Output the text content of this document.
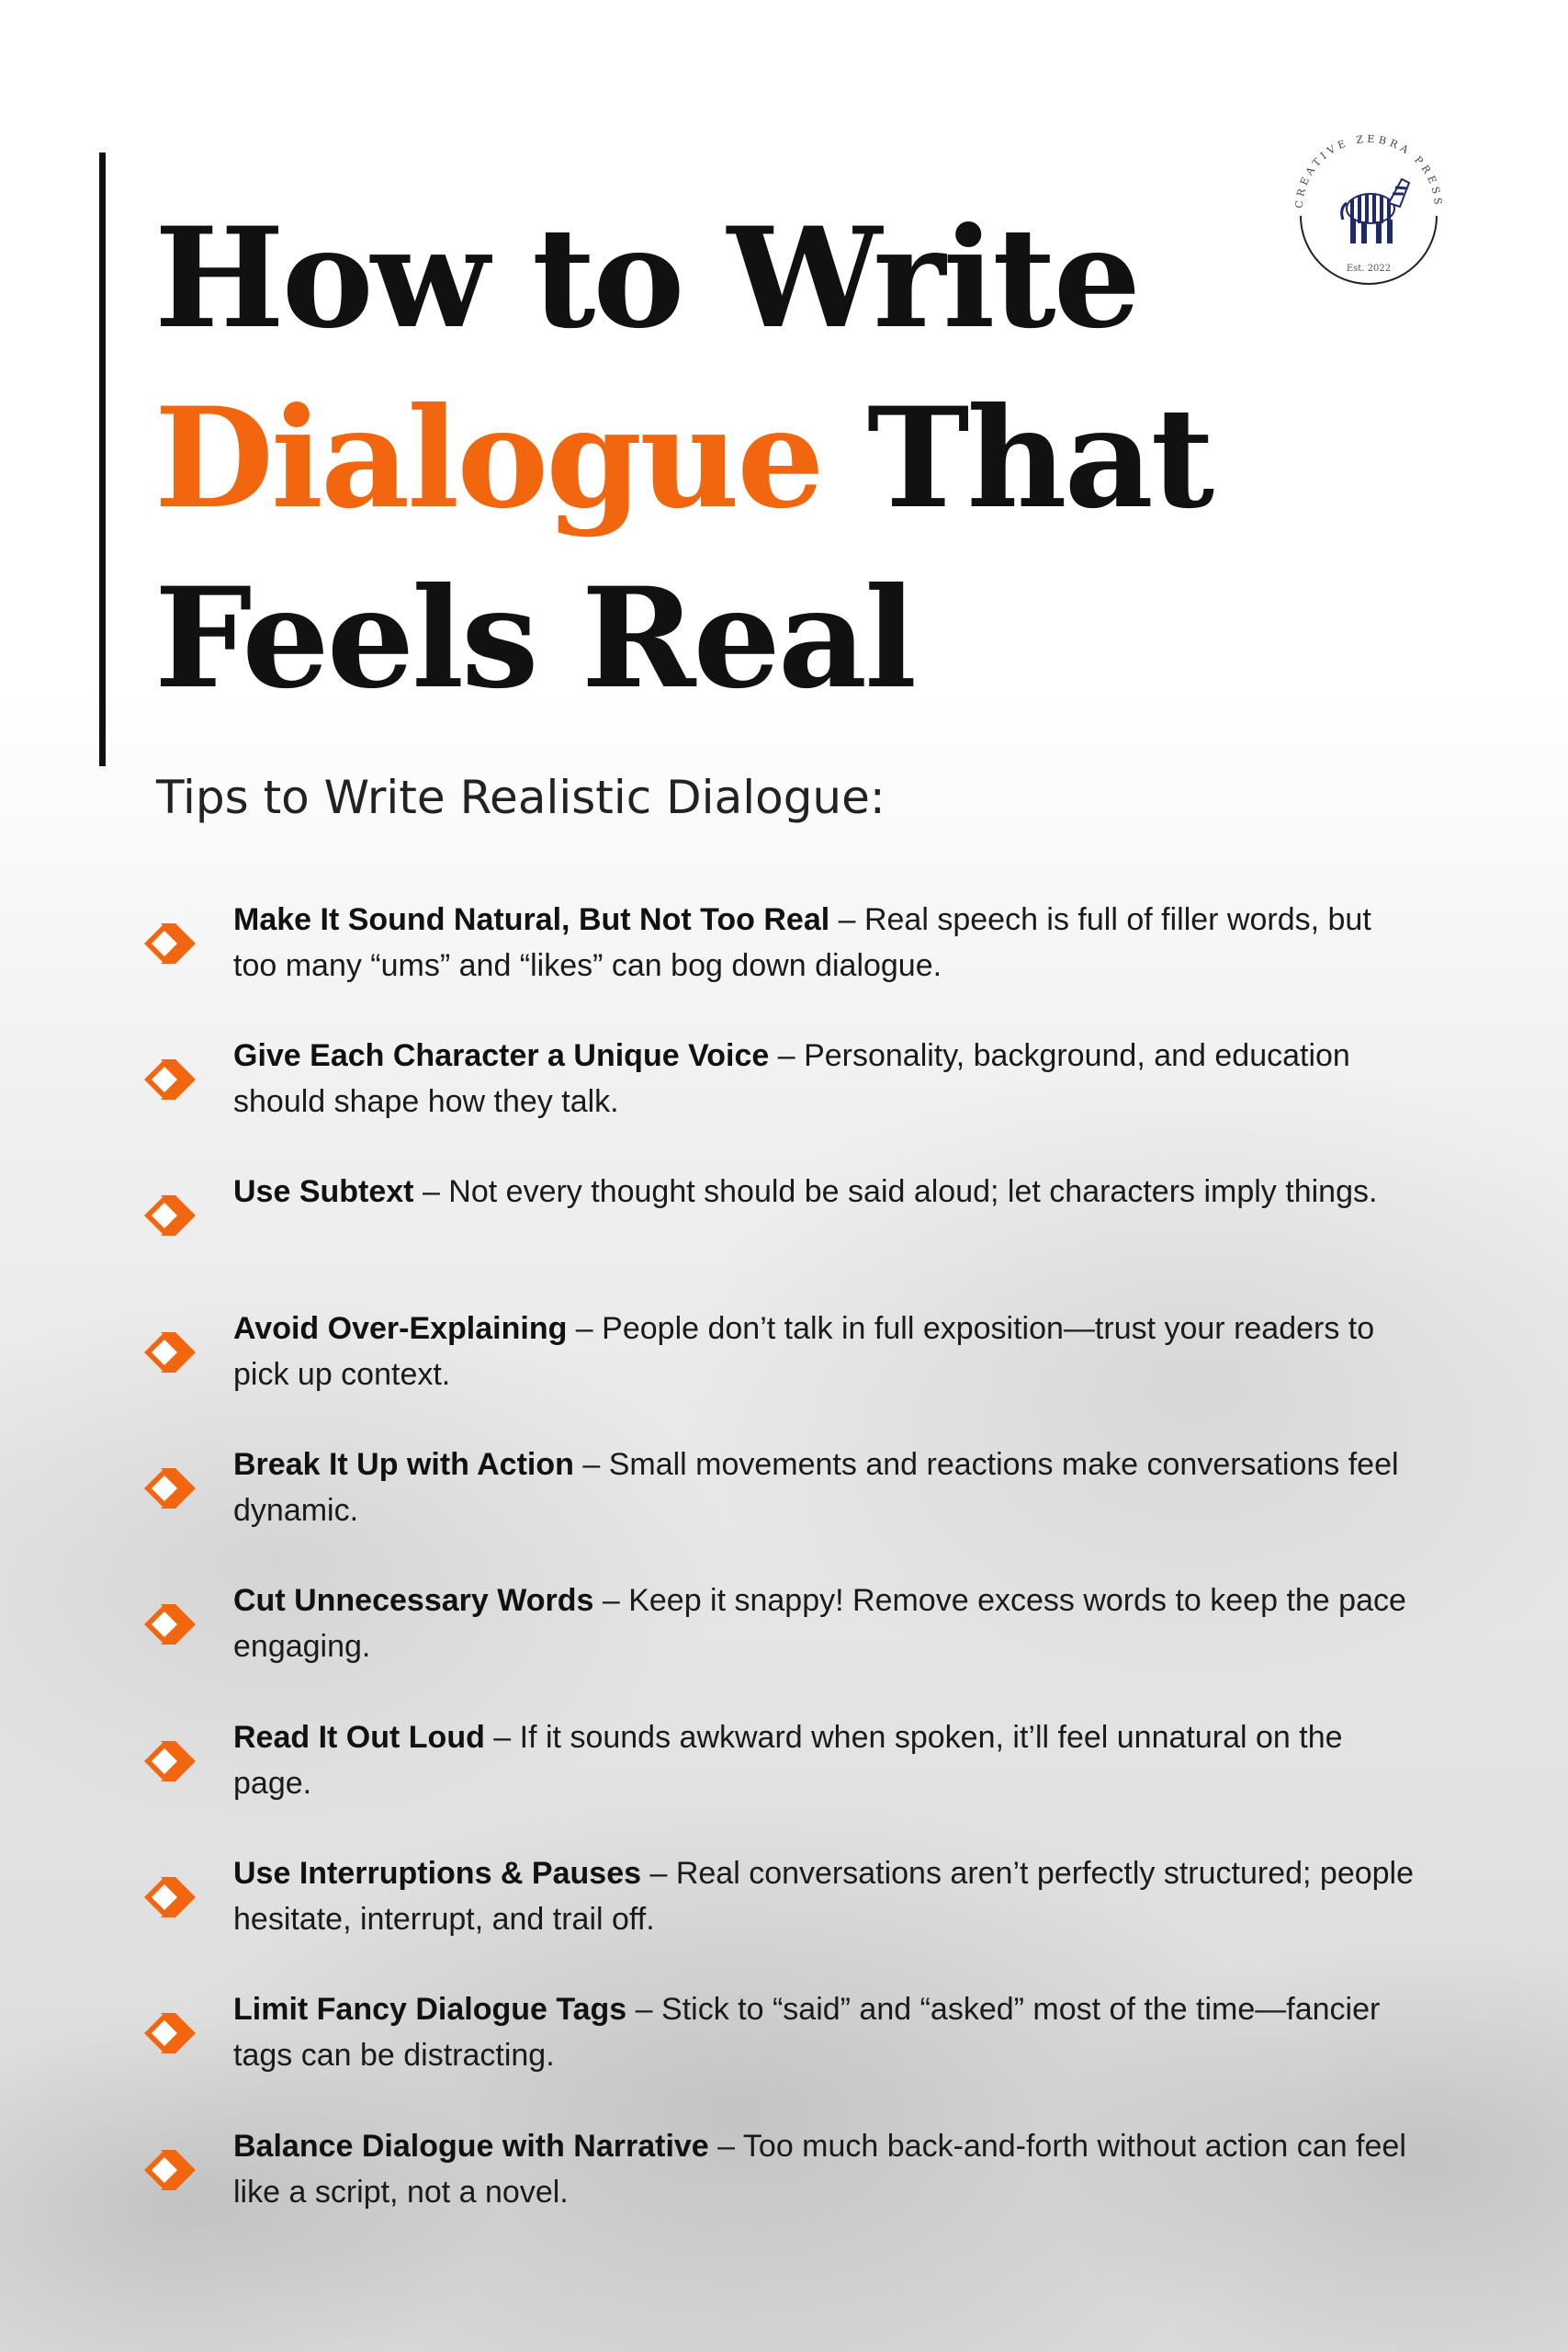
How to Write
Dialogue That
Feels Real
CREATIVE ZEBRA PRESS
Est. 2022
Tips to Write Realistic Dialogue:
Make It Sound Natural, But Not Too Real – Real speech is full of filler words, but too many “ums” and “likes” can bog down dialogue.
Give Each Character a Unique Voice – Personality, background, and education should shape how they talk.
Use Subtext – Not every thought should be said aloud; let characters imply things.
Avoid Over-Explaining – People don’t talk in full exposition—trust your readers to pick up context.
Break It Up with Action – Small movements and reactions make conversations feel dynamic.
Cut Unnecessary Words – Keep it snappy! Remove excess words to keep the pace engaging.
Read It Out Loud – If it sounds awkward when spoken, it’ll feel unnatural on the page.
Use Interruptions & Pauses – Real conversations aren’t perfectly structured; people hesitate, interrupt, and trail off.
Limit Fancy Dialogue Tags – Stick to “said” and “asked” most of the time—fancier tags can be distracting.
Balance Dialogue with Narrative – Too much back-and-forth without action can feel like a script, not a novel.
